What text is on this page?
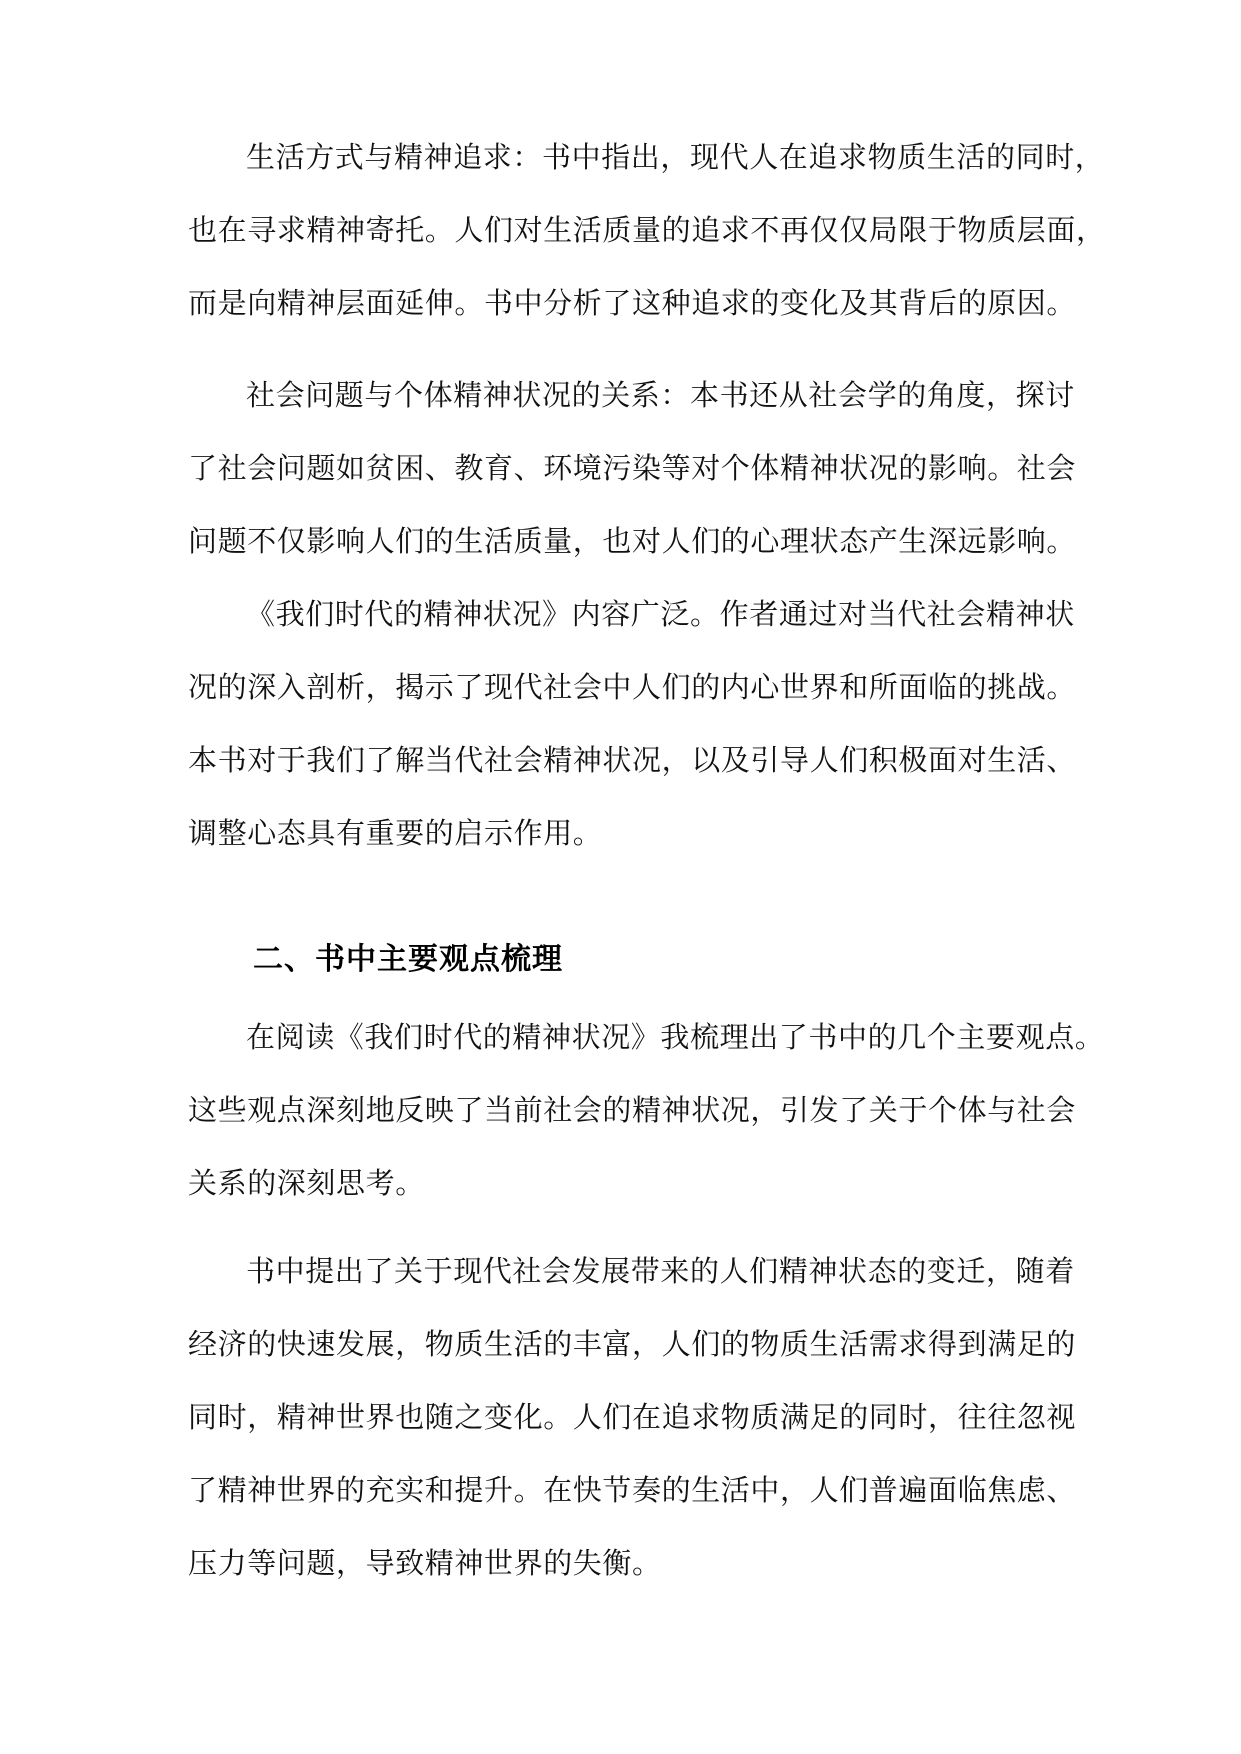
生活方式与精神追求：书中指出，现代人在追求物质生活的同时，
也在寻求精神寄托。人们对生活质量的追求不再仅仅局限于物质层面，
而是向精神层面延伸。书中分析了这种追求的变化及其背后的原因。
社会问题与个体精神状况的关系：本书还从社会学的角度，探讨
了社会问题如贫困、教育、环境污染等对个体精神状况的影响。社会
问题不仅影响人们的生活质量，也对人们的心理状态产生深远影响。
《我们时代的精神状况》内容广泛。作者通过对当代社会精神状
况的深入剖析，揭示了现代社会中人们的内心世界和所面临的挑战。
本书对于我们了解当代社会精神状况，以及引导人们积极面对生活、
调整心态具有重要的启示作用。
在阅读《我们时代的精神状况》我梳理出了书中的几个主要观点。
这些观点深刻地反映了当前社会的精神状况，引发了关于个体与社会
关系的深刻思考。
书中提出了关于现代社会发展带来的人们精神状态的变迁，随着
经济的快速发展，物质生活的丰富，人们的物质生活需求得到满足的
同时，精神世界也随之变化。人们在追求物质满足的同时，往往忽视
了精神世界的充实和提升。在快节奏的生活中，人们普遍面临焦虑、
压力等问题，导致精神世界的失衡。
二、书中主要观点梳理
